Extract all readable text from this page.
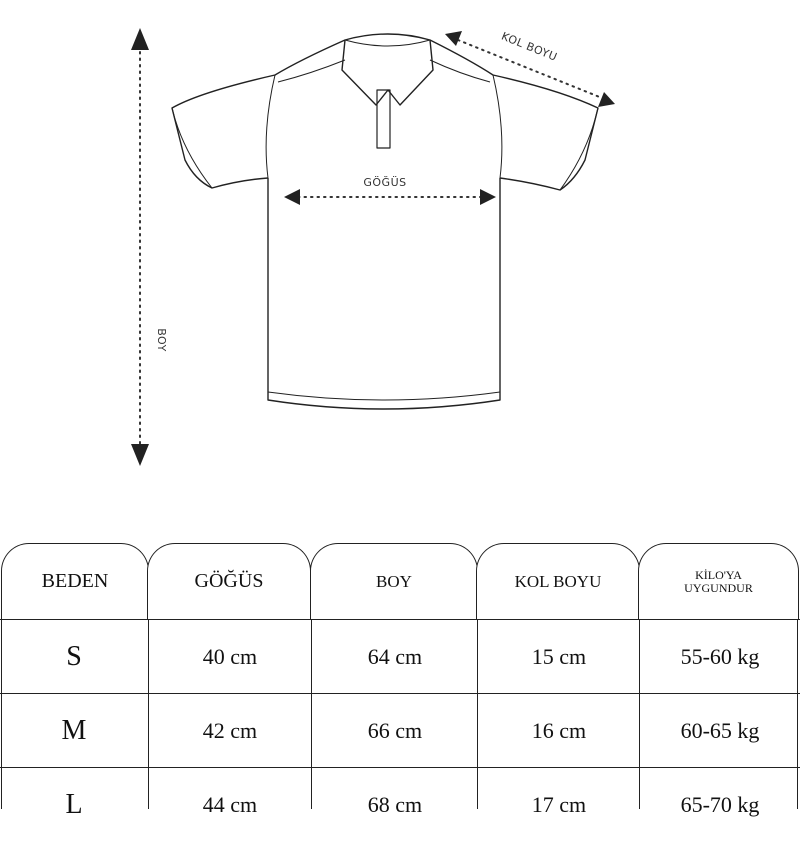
BOY
GÖĞÜS
KOL BOYU
BEDEN	GÖĞÜS	BOY	KOL BOYU	KİLO'YA
UYGUNDUR
S	40 cm	64 cm	15 cm	55-60 kg
M	42 cm	66 cm	16 cm	60-65 kg
L	44 cm	68 cm	17 cm	65-70 kg
